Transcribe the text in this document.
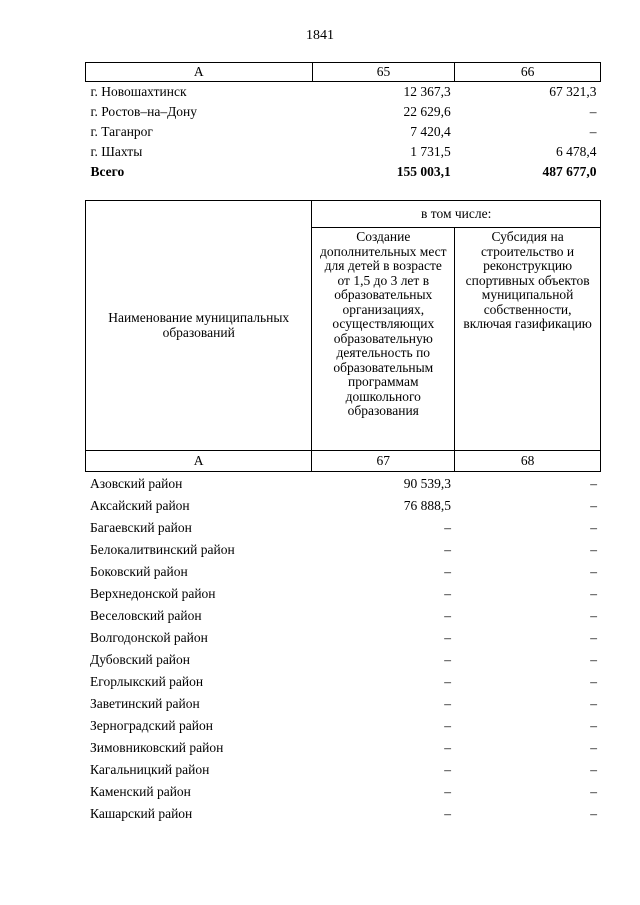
1841
А	65	66
г. Новошахтинск	12 367,3	67 321,3
г. Ростов–на–Дону	22 629,6	–
г. Таганрог	7 420,4	–
г. Шахты	1 731,5	6 478,4
Всего	155 003,1	487 677,0
Наименование муниципальных образований	в том числе:	
	Создание дополнительных мест для детей в возрасте от 1,5 до 3 лет в образовательных организациях, осуществляющих образовательную деятельность по образовательным программам дошкольного образования	Субсидия на строительство и реконструкцию спортивных объектов муниципальной собственности, включая газификацию
А	67	68
Азовский район	90 539,3	–
Аксайский район	76 888,5	–
Багаевский район	–	–
Белокалитвинский район	–	–
Боковский район	–	–
Верхнедонской район	–	–
Веселовский район	–	–
Волгодонской район	–	–
Дубовский район	–	–
Егорлыкский район	–	–
Заветинский район	–	–
Зерноградский район	–	–
Зимовниковский район	–	–
Кагальницкий район	–	–
Каменский район	–	–
Кашарский район	–	–
